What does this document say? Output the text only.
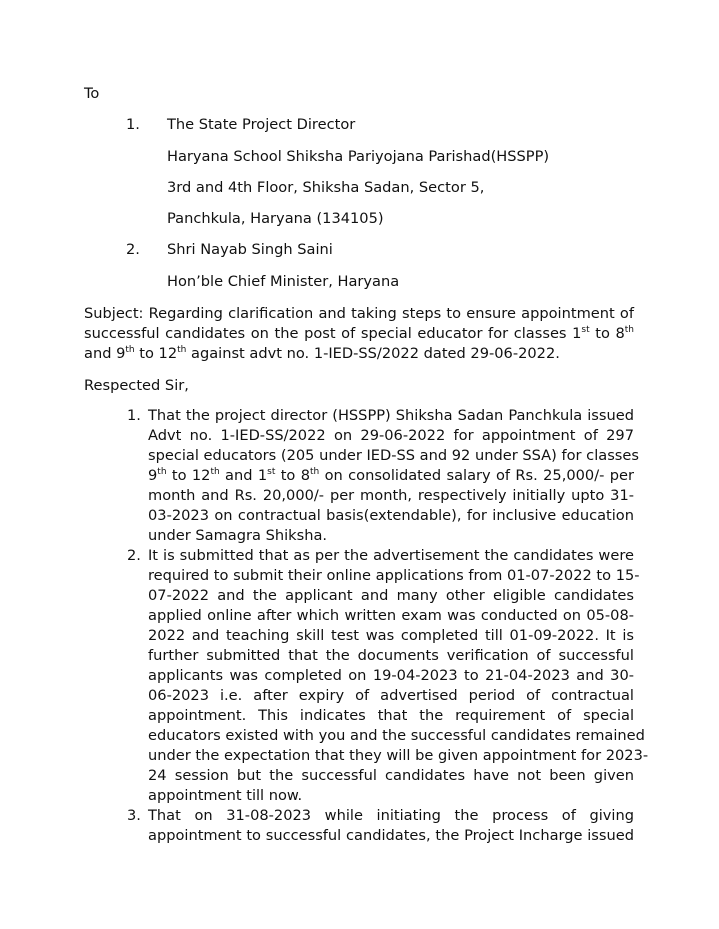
To
1. The State Project Director
Haryana School Shiksha Pariyojana Parishad(HSSPP)
3rd and 4th Floor, Shiksha Sadan, Sector 5,
Panchkula, Haryana (134105)
2. Shri Nayab Singh Saini
Hon’ble Chief Minister, Haryana
Subject: Regarding clarification and taking steps to ensure appointment of
successful candidates on the post of special educator for classes 1st to 8th
and 9th to 12th against advt no. 1-IED-SS/2022 dated 29-06-2022.
Respected Sir,
1. That the project director (HSSPP) Shiksha Sadan Panchkula issued
Advt no. 1-IED-SS/2022 on 29-06-2022 for appointment of 297
special educators (205 under IED-SS and 92 under SSA) for classes
9th to 12th and 1st to 8th on consolidated salary of Rs. 25,000/- per
month and Rs. 20,000/- per month, respectively initially upto 31-
03-2023 on contractual basis(extendable), for inclusive education
under Samagra Shiksha.
2. It is submitted that as per the advertisement the candidates were
required to submit their online applications from 01-07-2022 to 15-
07-2022 and the applicant and many other eligible candidates
applied online after which written exam was conducted on 05-08-
2022 and teaching skill test was completed till 01-09-2022. It is
further submitted that the documents verification of successful
applicants was completed on 19-04-2023 to 21-04-2023 and 30-
06-2023 i.e. after expiry of advertised period of contractual
appointment. This indicates that the requirement of special
educators existed with you and the successful candidates remained
under the expectation that they will be given appointment for 2023-
24 session but the successful candidates have not been given
appointment till now.
3. That on 31-08-2023 while initiating the process of giving
appointment to successful candidates, the Project Incharge issued
